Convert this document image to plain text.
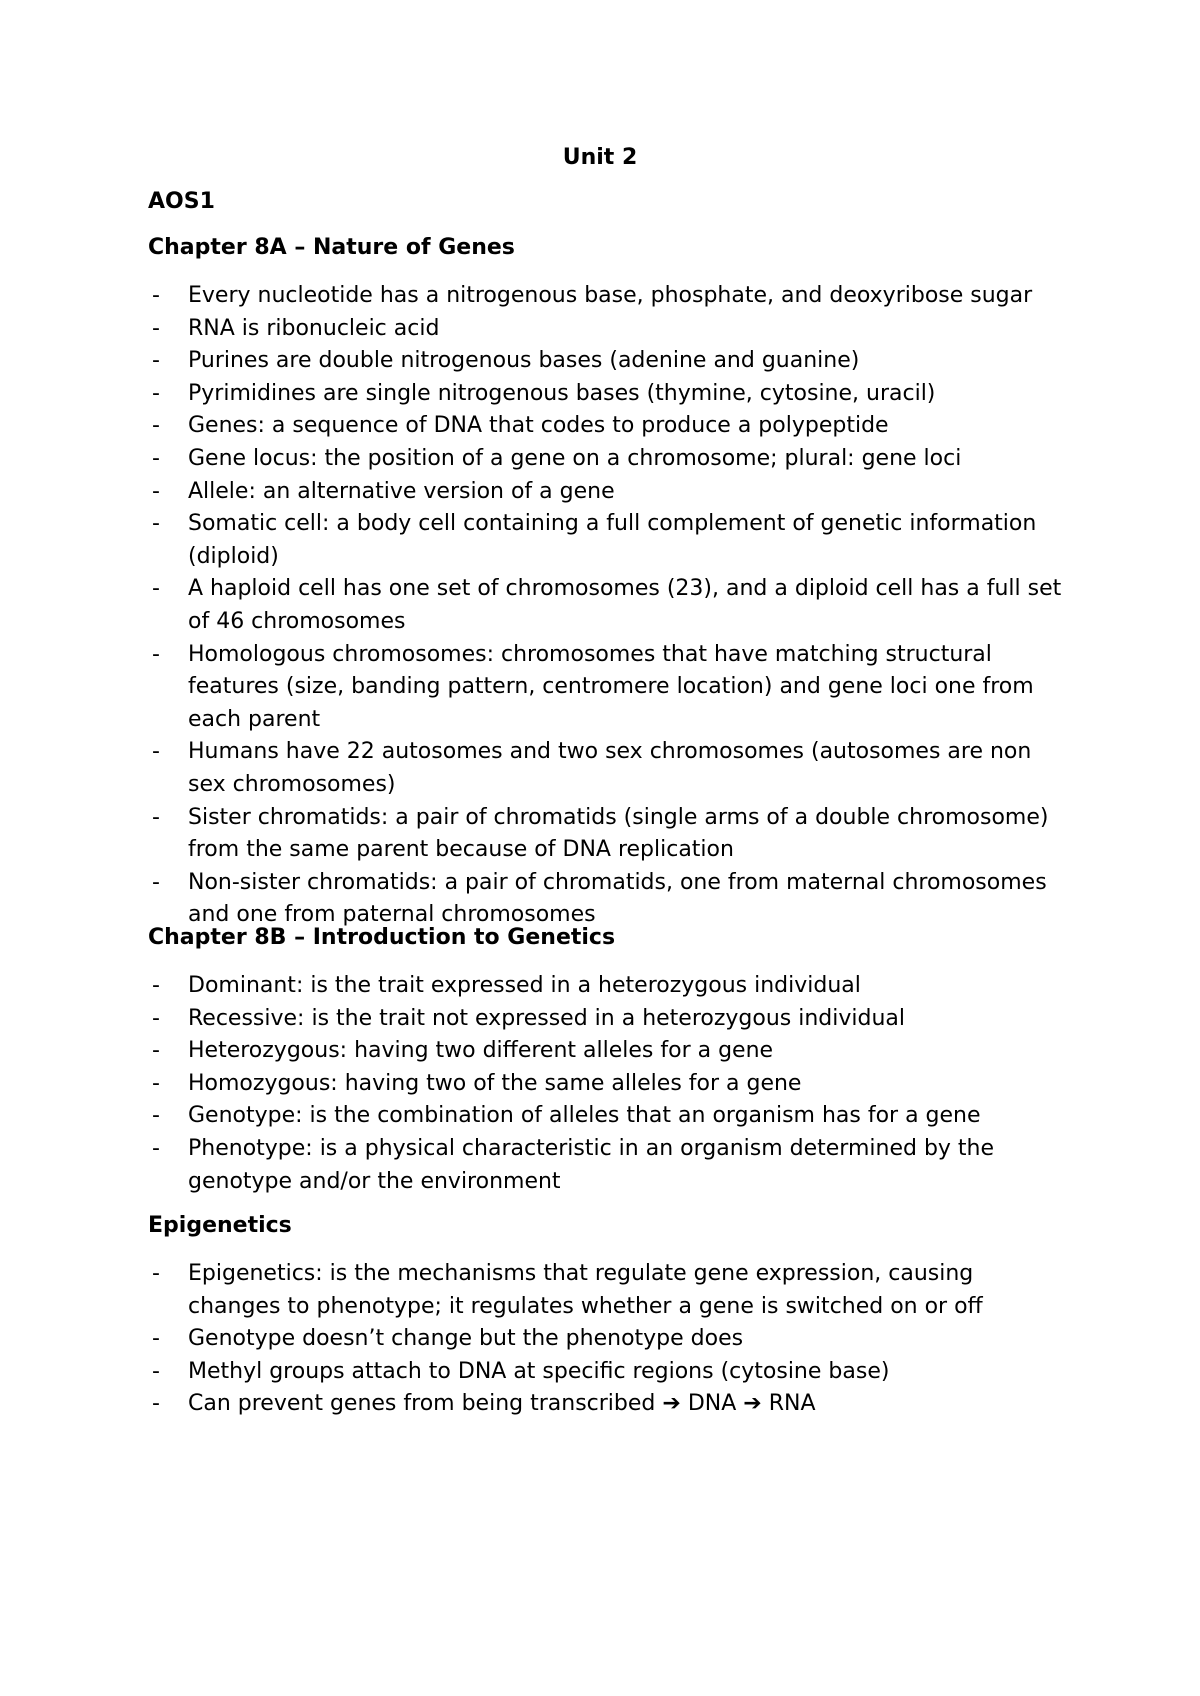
Unit 2
AOS1
Chapter 8A – Nature of Genes
- Every nucleotide has a nitrogenous base, phosphate, and deoxyribose sugar
- RNA is ribonucleic acid
- Purines are double nitrogenous bases (adenine and guanine)
- Pyrimidines are single nitrogenous bases (thymine, cytosine, uracil)
- Genes: a sequence of DNA that codes to produce a polypeptide
- Gene locus: the position of a gene on a chromosome; plural: gene loci
- Allele: an alternative version of a gene
- Somatic cell: a body cell containing a full complement of genetic information (diploid)
- A haploid cell has one set of chromosomes (23), and a diploid cell has a full set of 46 chromosomes
- Homologous chromosomes: chromosomes that have matching structural features (size, banding pattern, centromere location) and gene loci one from each parent
- Humans have 22 autosomes and two sex chromosomes (autosomes are non sex chromosomes)
- Sister chromatids: a pair of chromatids (single arms of a double chromosome) from the same parent because of DNA replication
- Non-sister chromatids: a pair of chromatids, one from maternal chromosomes and one from paternal chromosomes
Chapter 8B – Introduction to Genetics
- Dominant: is the trait expressed in a heterozygous individual
- Recessive: is the trait not expressed in a heterozygous individual
- Heterozygous: having two different alleles for a gene
- Homozygous: having two of the same alleles for a gene
- Genotype: is the combination of alleles that an organism has for a gene
- Phenotype: is a physical characteristic in an organism determined by the genotype and/or the environment
Epigenetics
- Epigenetics: is the mechanisms that regulate gene expression, causing changes to phenotype; it regulates whether a gene is switched on or off
- Genotype doesn’t change but the phenotype does
- Methyl groups attach to DNA at specific regions (cytosine base)
- Can prevent genes from being transcribed ➔ DNA ➔ RNA
